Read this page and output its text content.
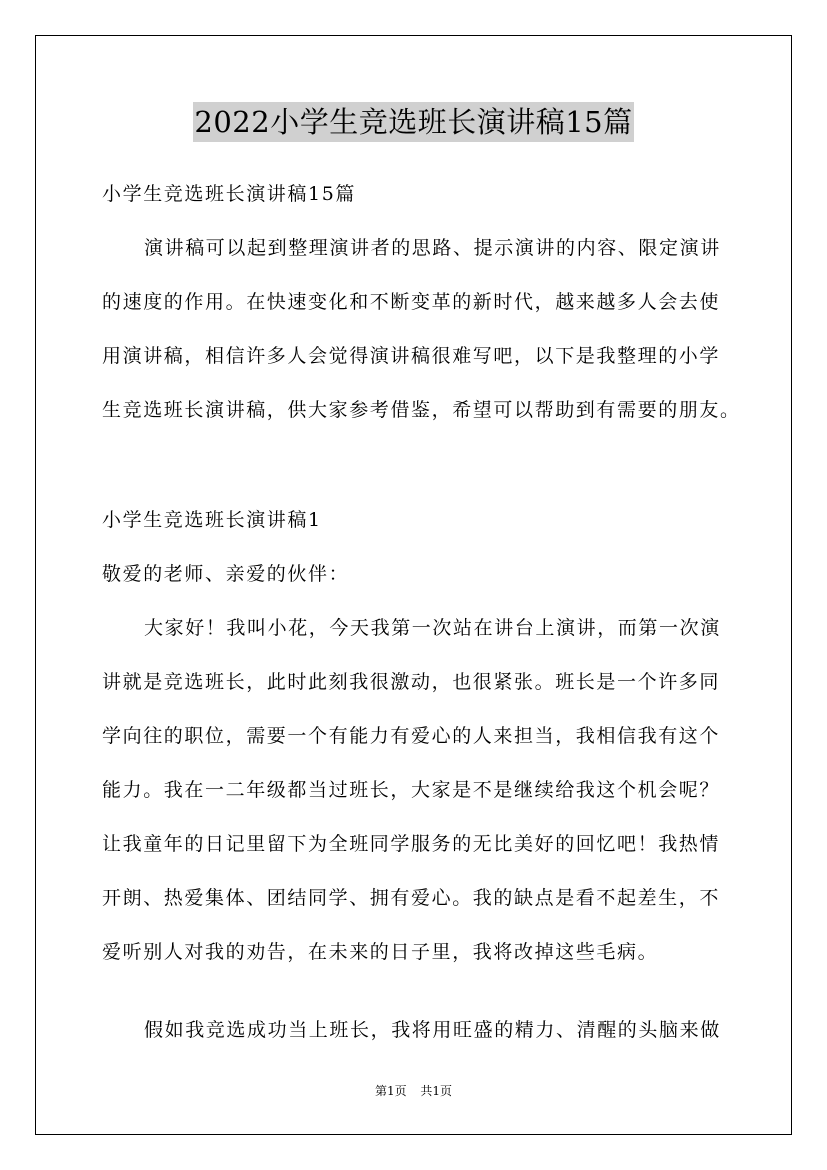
2022小学生竞选班长演讲稿15篇
小学生竞选班长演讲稿15篇
演讲稿可以起到整理演讲者的思路、提示演讲的内容、限定演讲
的速度的作用。在快速变化和不断变革的新时代，越来越多人会去使
用演讲稿，相信许多人会觉得演讲稿很难写吧，以下是我整理的小学
生竞选班长演讲稿，供大家参考借鉴，希望可以帮助到有需要的朋友。
小学生竞选班长演讲稿1
敬爱的老师、亲爱的伙伴：
大家好！我叫小花，今天我第一次站在讲台上演讲，而第一次演
讲就是竞选班长，此时此刻我很激动，也很紧张。班长是一个许多同
学向往的职位，需要一个有能力有爱心的人来担当，我相信我有这个
能力。我在一二年级都当过班长，大家是不是继续给我这个机会呢？
让我童年的日记里留下为全班同学服务的无比美好的回忆吧！我热情
开朗、热爱集体、团结同学、拥有爱心。我的缺点是看不起差生，不
爱听别人对我的劝告，在未来的日子里，我将改掉这些毛病。
假如我竞选成功当上班长，我将用旺盛的精力、清醒的头脑来做
第1页 共1页
